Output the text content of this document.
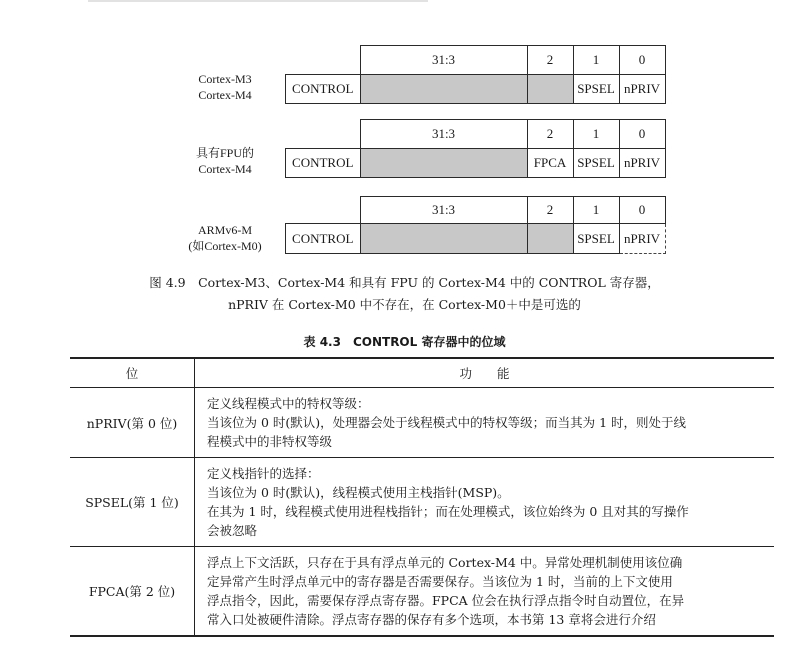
Cortex-M3
Cortex-M4
	31:3	2	1	0
CONTROL			SPSEL	nPRIV
具有FPU的
Cortex-M4
	31:3	2	1	0
CONTROL		FPCA	SPSEL	nPRIV
ARMv6-M
(如Cortex-M0)
	31:3	2	1	0
CONTROL			SPSEL	nPRIV
图 4.9　Cortex-M3、Cortex-M4 和具有 FPU 的 Cortex-M4 中的 CONTROL 寄存器，
nPRIV 在 Cortex-M0 中不存在，在 Cortex-M0＋中是可选的
表 4.3　CONTROL 寄存器中的位域
位	功　　能
nPRIV(第 0 位)	定义线程模式中的特权等级：
当该位为 0 时(默认)，处理器会处于线程模式中的特权等级；而当其为 1 时，则处于线
程模式中的非特权等级

SPSEL(第 1 位)	定义栈指针的选择：
当该位为 0 时(默认)，线程模式使用主栈指针(MSP)。
在其为 1 时，线程模式使用进程栈指针；而在处理模式，该位始终为 0 且对其的写操作
会被忽略

FPCA(第 2 位)	浮点上下文活跃，只存在于具有浮点单元的 Cortex-M4 中。异常处理机制使用该位确
定异常产生时浮点单元中的寄存器是否需要保存。当该位为 1 时，当前的上下文使用
浮点指令，因此，需要保存浮点寄存器。FPCA 位会在执行浮点指令时自动置位，在异
常入口处被硬件清除。浮点寄存器的保存有多个选项，本书第 13 章将会进行介绍
